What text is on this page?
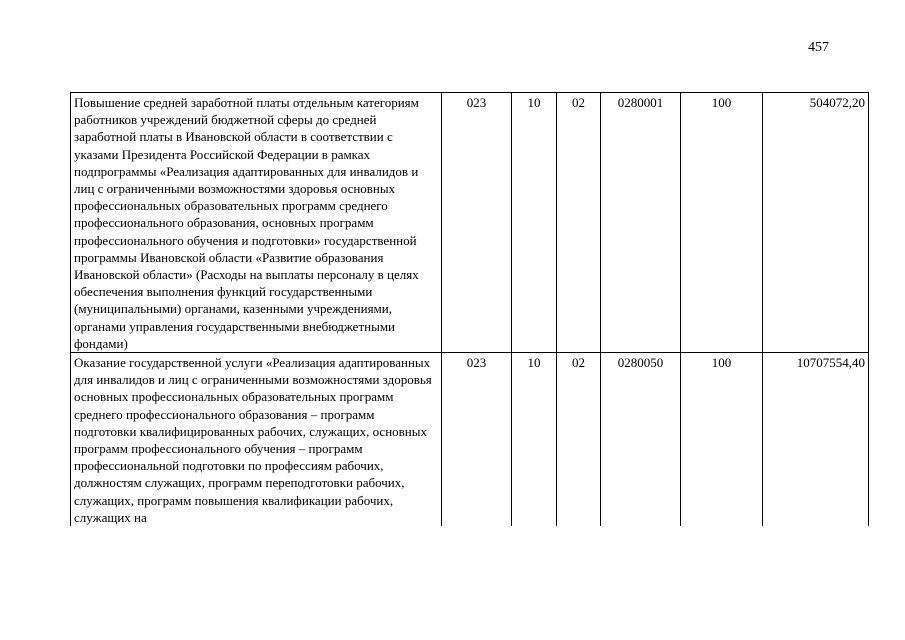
457
Повышение средней заработной платы отдельным категориям работников учреждений бюджетной сферы до средней заработной платы в Ивановской области в соответствии с указами Президента Российской Федерации в рамках подпрограммы «Реализация адаптированных для инвалидов и лиц с ограниченными возможностями здоровья основных профессиональных образовательных программ среднего профессионального образования, основных программ профессионального обучения и подготовки» государственной программы Ивановской области «Развитие образования Ивановской области» (Расходы на выплаты персоналу в целях обеспечения выполнения функций государственными (муниципальными) органами, казенными учреждениями, органами управления государственными внебюджетными фондами)	023	10	02	0280001	100	504072,20
Оказание государственной услуги «Реализация адаптированных для инвалидов и лиц с ограниченными возможностями здоровья основных профессиональных образовательных программ среднего профессионального образования – программ подготовки квалифицированных рабочих, служащих, основных программ профессионального обучения – программ профессиональной подготовки по профессиям рабочих, должностям служащих, программ переподготовки рабочих, служащих, программ повышения квалификации рабочих, служащих на	023	10	02	0280050	100	10707554,40
